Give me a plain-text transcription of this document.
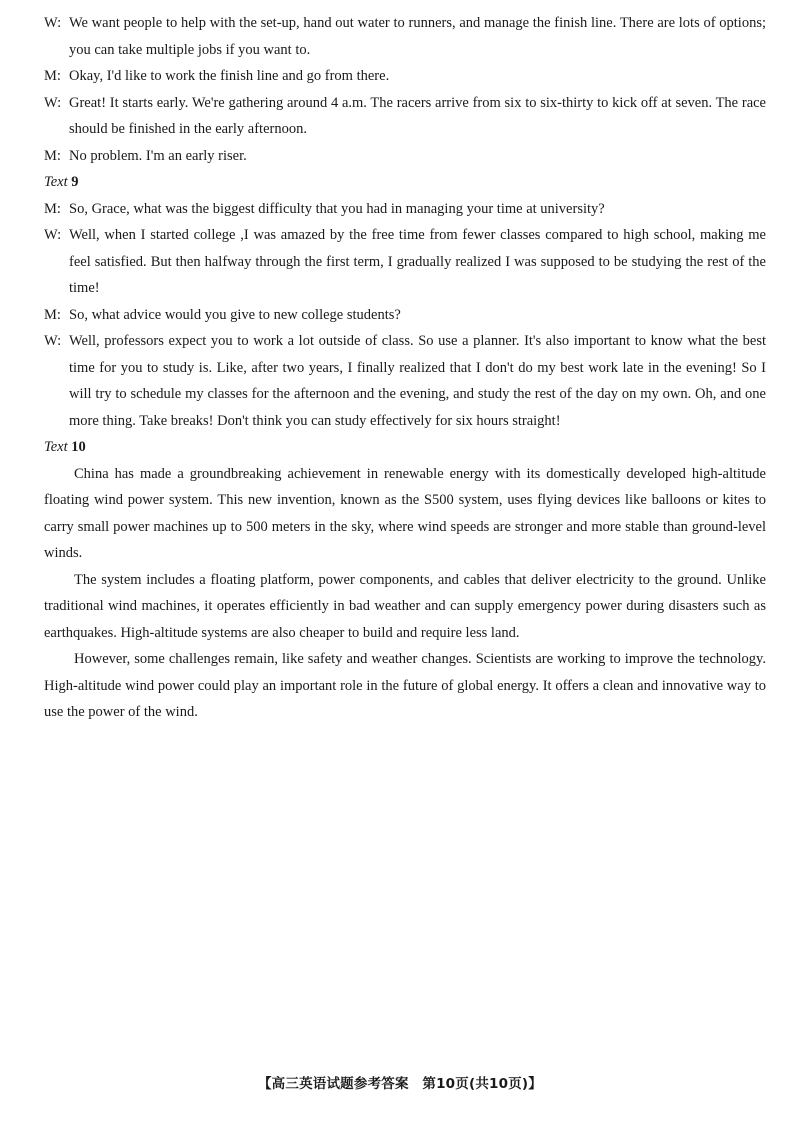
W: We want people to help with the set-up, hand out water to runners, and manage the finish line. There are lots of options; you can take multiple jobs if you want to.
M: Okay, I'd like to work the finish line and go from there.
W: Great! It starts early. We're gathering around 4 a.m. The racers arrive from six to six-thirty to kick off at seven. The race should be finished in the early afternoon.
M: No problem. I'm an early riser.
Text 9
M: So, Grace, what was the biggest difficulty that you had in managing your time at university?
W: Well, when I started college ,I was amazed by the free time from fewer classes compared to high school, making me feel satisfied. But then halfway through the first term, I gradually realized I was supposed to be studying the rest of the time!
M: So, what advice would you give to new college students?
W: Well, professors expect you to work a lot outside of class. So use a planner. It's also important to know what the best time for you to study is. Like, after two years, I finally realized that I don't do my best work late in the evening! So I will try to schedule my classes for the afternoon and the evening, and study the rest of the day on my own. Oh, and one more thing. Take breaks! Don't think you can study effectively for six hours straight!
Text 10
China has made a groundbreaking achievement in renewable energy with its domestically developed high-altitude floating wind power system. This new invention, known as the S500 system, uses flying devices like balloons or kites to carry small power machines up to 500 meters in the sky, where wind speeds are stronger and more stable than ground-level winds.
The system includes a floating platform, power components, and cables that deliver electricity to the ground. Unlike traditional wind machines, it operates efficiently in bad weather and can supply emergency power during disasters such as earthquakes. High-altitude systems are also cheaper to build and require less land.
However, some challenges remain, like safety and weather changes. Scientists are working to improve the technology. High-altitude wind power could play an important role in the future of global energy. It offers a clean and innovative way to use the power of the wind.
【高三英语试题参考答案　第10页(共10页)】
